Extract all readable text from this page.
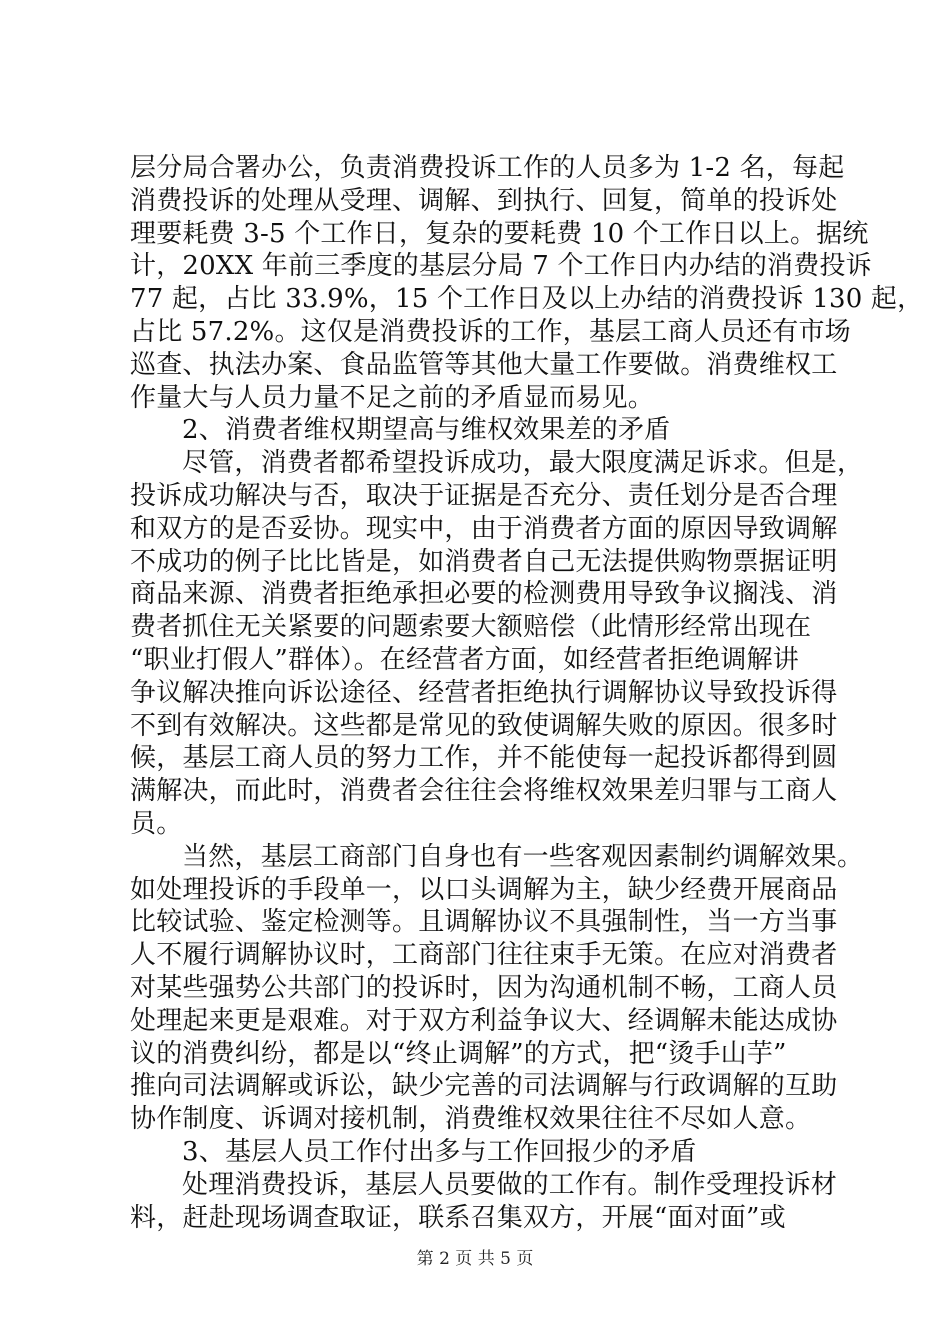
层分局合署办公，负责消费投诉工作的人员多为 1-2 名，每起
消费投诉的处理从受理、调解、到执行、回复，简单的投诉处
理要耗费 3-5 个工作日，复杂的要耗费 10 个工作日以上。据统
计，20XX 年前三季度的基层分局 7 个工作日内办结的消费投诉
77 起，占比 33.9%，15 个工作日及以上办结的消费投诉 130 起，
占比 57.2%。这仅是消费投诉的工作，基层工商人员还有市场
巡查、执法办案、食品监管等其他大量工作要做。消费维权工
作量大与人员力量不足之前的矛盾显而易见。
2、消费者维权期望高与维权效果差的矛盾
尽管，消费者都希望投诉成功，最大限度满足诉求。但是，
投诉成功解决与否，取决于证据是否充分、责任划分是否合理
和双方的是否妥协。现实中，由于消费者方面的原因导致调解
不成功的例子比比皆是，如消费者自己无法提供购物票据证明
商品来源、消费者拒绝承担必要的检测费用导致争议搁浅、消
费者抓住无关紧要的问题索要大额赔偿（此情形经常出现在
“职业打假人”群体）。在经营者方面，如经营者拒绝调解讲
争议解决推向诉讼途径、经营者拒绝执行调解协议导致投诉得
不到有效解决。这些都是常见的致使调解失败的原因。很多时
候，基层工商人员的努力工作，并不能使每一起投诉都得到圆
满解决，而此时，消费者会往往会将维权效果差归罪与工商人
员。
当然，基层工商部门自身也有一些客观因素制约调解效果。
如处理投诉的手段单一，以口头调解为主，缺少经费开展商品
比较试验、鉴定检测等。且调解协议不具强制性，当一方当事
人不履行调解协议时，工商部门往往束手无策。在应对消费者
对某些强势公共部门的投诉时，因为沟通机制不畅，工商人员
处理起来更是艰难。对于双方利益争议大、经调解未能达成协
议的消费纠纷，都是以“终止调解”的方式，把“烫手山芋”
推向司法调解或诉讼，缺少完善的司法调解与行政调解的互助
协作制度、诉调对接机制，消费维权效果往往不尽如人意。
3、基层人员工作付出多与工作回报少的矛盾
处理消费投诉，基层人员要做的工作有。制作受理投诉材
料，赶赴现场调查取证，联系召集双方，开展“面对面”或
第 2 页 共 5 页
